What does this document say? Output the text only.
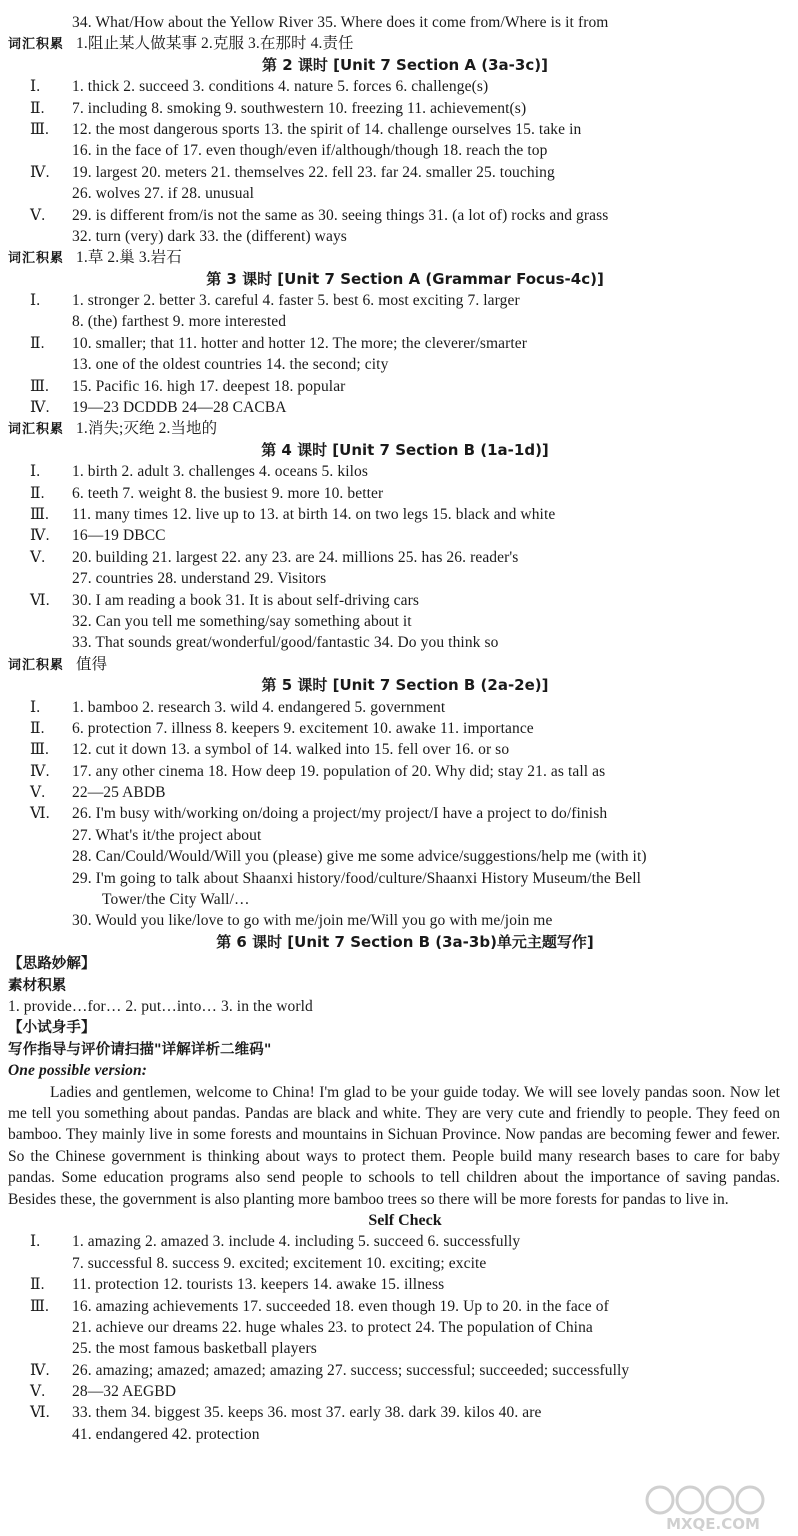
34. What/How about the Yellow River 35. Where does it come from/Where is it from
词汇积累 1.阻止某人做某事 2.克服 3.在那时 4.责任
第 2 课时 [Unit 7 Section A (3a-3c)]
Ⅰ. 1. thick 2. succeed 3. conditions 4. nature 5. forces 6. challenge(s)
Ⅱ. 7. including 8. smoking 9. southwestern 10. freezing 11. achievement(s)
Ⅲ. 12. the most dangerous sports 13. the spirit of 14. challenge ourselves 15. take in
16. in the face of 17. even though/even if/although/though 18. reach the top
Ⅳ. 19. largest 20. meters 21. themselves 22. fell 23. far 24. smaller 25. touching
26. wolves 27. if 28. unusual
Ⅴ. 29. is different from/is not the same as 30. seeing things 31. (a lot of) rocks and grass
32. turn (very) dark 33. the (different) ways
词汇积累 1.草 2.巢 3.岩石
第 3 课时 [Unit 7 Section A (Grammar Focus-4c)]
Ⅰ. 1. stronger 2. better 3. careful 4. faster 5. best 6. most exciting 7. larger
8. (the) farthest 9. more interested
Ⅱ. 10. smaller; that 11. hotter and hotter 12. The more; the cleverer/smarter
13. one of the oldest countries 14. the second; city
Ⅲ. 15. Pacific 16. high 17. deepest 18. popular
Ⅳ. 19—23 DCDDB 24—28 CACBA
词汇积累 1.消失;灭绝 2.当地的
第 4 课时 [Unit 7 Section B (1a-1d)]
Ⅰ. 1. birth 2. adult 3. challenges 4. oceans 5. kilos
Ⅱ. 6. teeth 7. weight 8. the busiest 9. more 10. better
Ⅲ. 11. many times 12. live up to 13. at birth 14. on two legs 15. black and white
Ⅳ. 16—19 DBCC
Ⅴ. 20. building 21. largest 22. any 23. are 24. millions 25. has 26. reader's
27. countries 28. understand 29. Visitors
Ⅵ. 30. I am reading a book 31. It is about self-driving cars
32. Can you tell me something/say something about it
33. That sounds great/wonderful/good/fantastic 34. Do you think so
词汇积累 值得
第 5 课时 [Unit 7 Section B (2a-2e)]
Ⅰ. 1. bamboo 2. research 3. wild 4. endangered 5. government
Ⅱ. 6. protection 7. illness 8. keepers 9. excitement 10. awake 11. importance
Ⅲ. 12. cut it down 13. a symbol of 14. walked into 15. fell over 16. or so
Ⅳ. 17. any other cinema 18. How deep 19. population of 20. Why did; stay 21. as tall as
Ⅴ. 22—25 ABDB
Ⅵ. 26. I'm busy with/working on/doing a project/my project/I have a project to do/finish
27. What's it/the project about
28. Can/Could/Would/Will you (please) give me some advice/suggestions/help me (with it)
29. I'm going to talk about Shaanxi history/food/culture/Shaanxi History Museum/the Bell
Tower/the City Wall/…
30. Would you like/love to go with me/join me/Will you go with me/join me
第 6 课时 [Unit 7 Section B (3a-3b)单元主题写作]
【思路妙解】
素材积累
1. provide…for… 2. put…into… 3. in the world
【小试身手】
写作指导与评价请扫描"详解详析二维码"
One possible version:

Ladies and gentlemen, welcome to China! I'm glad to be your guide today. We will see lovely pandas soon. Now let me tell you something about pandas. Pandas are black and white. They are very cute and friendly to people. They feed on bamboo. They mainly live in some forests and mountains in Sichuan Province. Now pandas are becoming fewer and fewer. So the Chinese government is thinking about ways to protect them. People build many research bases to care for baby pandas. Some education programs also send people to schools to tell children about the importance of saving pandas. Besides these, the government is also planting more bamboo trees so there will be more forests for pandas to live in.

Self Check
Ⅰ. 1. amazing 2. amazed 3. include 4. including 5. succeed 6. successfully
7. successful 8. success 9. excited; excitement 10. exciting; excite
Ⅱ. 11. protection 12. tourists 13. keepers 14. awake 15. illness
Ⅲ. 16. amazing achievements 17. succeeded 18. even though 19. Up to 20. in the face of
21. achieve our dreams 22. huge whales 23. to protect 24. The population of China
25. the most famous basketball players
Ⅳ. 26. amazing; amazed; amazed; amazing 27. success; successful; succeeded; successfully
Ⅴ. 28—32 AEGBD
Ⅵ. 33. them 34. biggest 35. keeps 36. most 37. early 38. dark 39. kilos 40. are
41. endangered 42. protection
MXQE.COM
